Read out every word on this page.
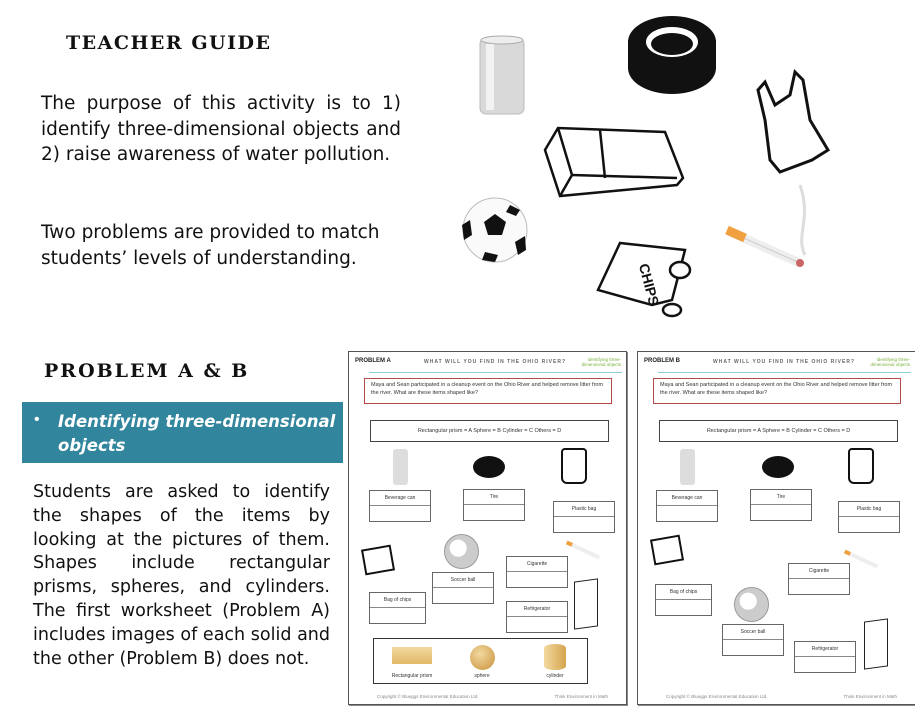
TEACHER GUIDE
The purpose of this activity is to 1) identify three-dimensional objects and 2) raise awareness of water pollution.
Two problems are provided to match students’ levels of understanding.
CHIPS
PROBLEM A & B
• Identifying three-dimensional objects
Students are asked to identify the shapes of the items by looking at the pictures of them. Shapes include rectangular prisms, spheres, and cylinders. The first worksheet (Problem A) includes images of each solid and the other (Problem B) does not.
PROBLEM A	WHAT WILL YOU FIND IN THE OHIO RIVER?	Identifying three-dimensional objects
Maya and Sean participated in a cleanup event on the Ohio River and helped remove litter from the river. What are these items shaped like?
Rectangular prism = A Sphere = B Cylinder = C Others = D
Beverage can	Tire
Plastic bag
Cigarette
Soccer ball
Bag of chips
Refrigerator
Rectangular prism	sphere	cylinder
Copyright © Blueggs Environmental Education Ltd.	Think Environment in Math
PROBLEM B	WHAT WILL YOU FIND IN THE OHIO RIVER?	Identifying three-dimensional objects
Maya and Sean participated in a cleanup event on the Ohio River and helped remove litter from the river. What are these items shaped like?
Rectangular prism = A Sphere = B Cylinder = C Others = D
Beverage can	Tire
Plastic bag
Cigarette
Bag of chips
Soccer ball
Refrigerator
Copyright © Blueggs Environmental Education Ltd.	Think Environment in Math
